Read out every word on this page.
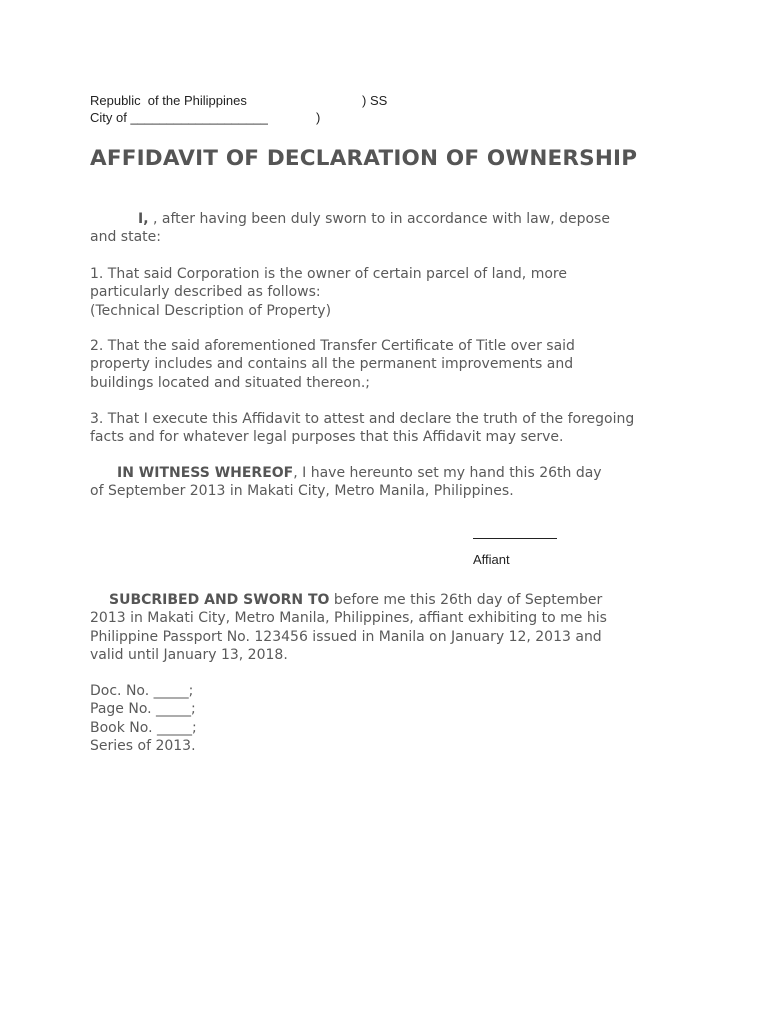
Republic  of the Philippines	) SS
City of ___________________	)
AFFIDAVIT OF DECLARATION OF OWNERSHIP
I, , after having been duly sworn to in accordance with law, depose
and state:
1. That said Corporation is the owner of certain parcel of land, more
particularly described as follows:
(Technical Description of Property)
2. That the said aforementioned Transfer Certificate of Title over said
property includes and contains all the permanent improvements and
buildings located and situated thereon.;
3. That I execute this Affidavit to attest and declare the truth of the foregoing
facts and for whatever legal purposes that this Affidavit may serve.
IN WITNESS WHEREOF, I have hereunto set my hand this 26th day
of September 2013 in Makati City, Metro Manila, Philippines.
Affiant
SUBCRIBED AND SWORN TO before me this 26th day of September
2013 in Makati City, Metro Manila, Philippines, affiant exhibiting to me his
Philippine Passport No. 123456 issued in Manila on January 12, 2013 and
valid until January 13, 2018.
Doc. No. _____;
Page No. _____;
Book No. _____;
Series of 2013.
